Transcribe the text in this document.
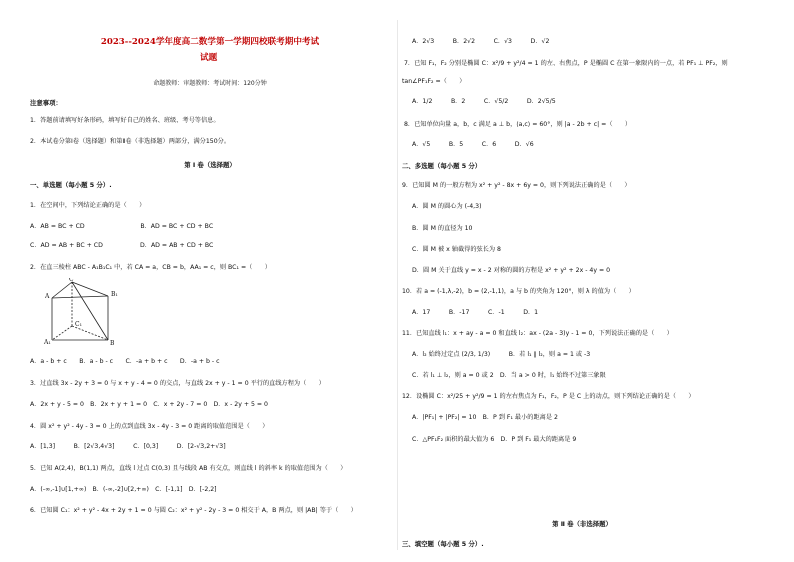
2023--2024学年度高二数学第一学期四校联考期中考试
试题
命题教师：审题教师：考试时间：120分钟
注意事项：
1．答题前请填写好条形码，填写好自己的姓名、班级、考号等信息。
2．本试卷分第Ⅰ卷（选择题）和第Ⅱ卷（非选择题）两部分，满分150分。
第 Ⅰ 卷（选择题）
一、单选题（每小题 5 分）.
1．在空间中，下列结论正确的是（　　）
A．AB = BC + CD　　　　　　　　　B．AD = BC + CD + BC
C．AD = AB + BC + CD　　　　　　D．AD = AB + CD + BC
2．在直三棱柱 ABC - A₁B₁C₁ 中，若 CA = a，CB = b，AA₁ = c，则 BC₁ =（　　）
C
A	B₁
C₁
A₁	B
A．a - b + c　　B．a - b - c　　C．-a + b + c　　D．-a + b - c
3．过直线 3x - 2y + 3 = 0 与 x + y - 4 = 0 的交点，与直线 2x + y - 1 = 0 平行的直线方程为（　　）
A．2x + y - 5 = 0　B．2x + y + 1 = 0　C．x + 2y - 7 = 0　D．x - 2y + 5 = 0
4．圆 x² + y² - 4y - 3 = 0 上的点到直线 3x - 4y - 3 = 0 距离的取值范围是（　　）
A．[1,3]　　　B．[2√3,4√3]　　　C．[0,3]　　　D．[2-√3,2+√3]
5．已知 A(2,4)，B(1,1) 两点，直线 l 过点 C(0,3) 且与线段 AB 有交点，则直线 l 的斜率 k 的取值范围为（　　）
A．(-∞,-1]∪[1,+∞)　B．(-∞,-2]∪[2,+∞)　C．[-1,1]　D．[-2,2]
6．已知圆 C₁：x² + y² - 4x + 2y + 1 = 0 与圆 C₂：x² + y² - 2y - 3 = 0 相交于 A，B 两点，则 |AB| 等于（　　）
A．2√3　　　B．2√2　　　C．√3　　　D．√2
7．已知 F₁，F₂ 分别是椭圆 C：x²/9 + y²/4 = 1 的左、右焦点，P 是椭圆 C 在第一象限内的一点，若 PF₁ ⊥ PF₂，则
tan∠PF₁F₂ =（　　）
A．1/2　　　B．2　　　C．√5/2　　　D．2√5/5
8．已知单位向量 a，b，c 满足 a ⊥ b，⟨a,c⟩ = 60°，则 |a - 2b + c| =（　　）
A．√5　　　B．5　　　C．6　　　D．√6
二、多选题（每小题 5 分）
9．已知圆 M 的一般方程为 x² + y² - 8x + 6y = 0，则下列说法正确的是（　　）
A．圆 M 的圆心为 (-4,3)
B．圆 M 的直径为 10
C．圆 M 被 x 轴截得的弦长为 8
D．圆 M 关于直线 y = x - 2 对称的圆的方程是 x² + y² + 2x - 4y = 0
10．若 a = (-1,λ,-2)，b = (2,-1,1)，a 与 b 的夹角为 120°，则 λ 的值为（　　）
A．17　　　B．-17　　　C．-1　　　D．1
11．已知直线 l₁：x + ay - a = 0 和直线 l₂：ax - (2a - 3)y - 1 = 0，下列说法正确的是（　　）
A．l₂ 始终过定点 (2/3, 1/3)　　　B．若 l₁ ∥ l₂，则 a = 1 或 -3
C．若 l₁ ⊥ l₂，则 a = 0 或 2　D．当 a > 0 时，l₁ 始终不过第三象限
12．设椭圆 C：x²/25 + y²/9 = 1 的左右焦点为 F₁，F₂，P 是 C 上的动点，则下列结论正确的是（　　）
A．|PF₁| + |PF₂| = 10　B．P 到 F₁ 最小的距离是 2
C．△PF₁F₂ 面积的最大值为 6　D．P 到 F₁ 最大的距离是 9
第 Ⅱ 卷（非选择题）
三、填空题（每小题 5 分）.
